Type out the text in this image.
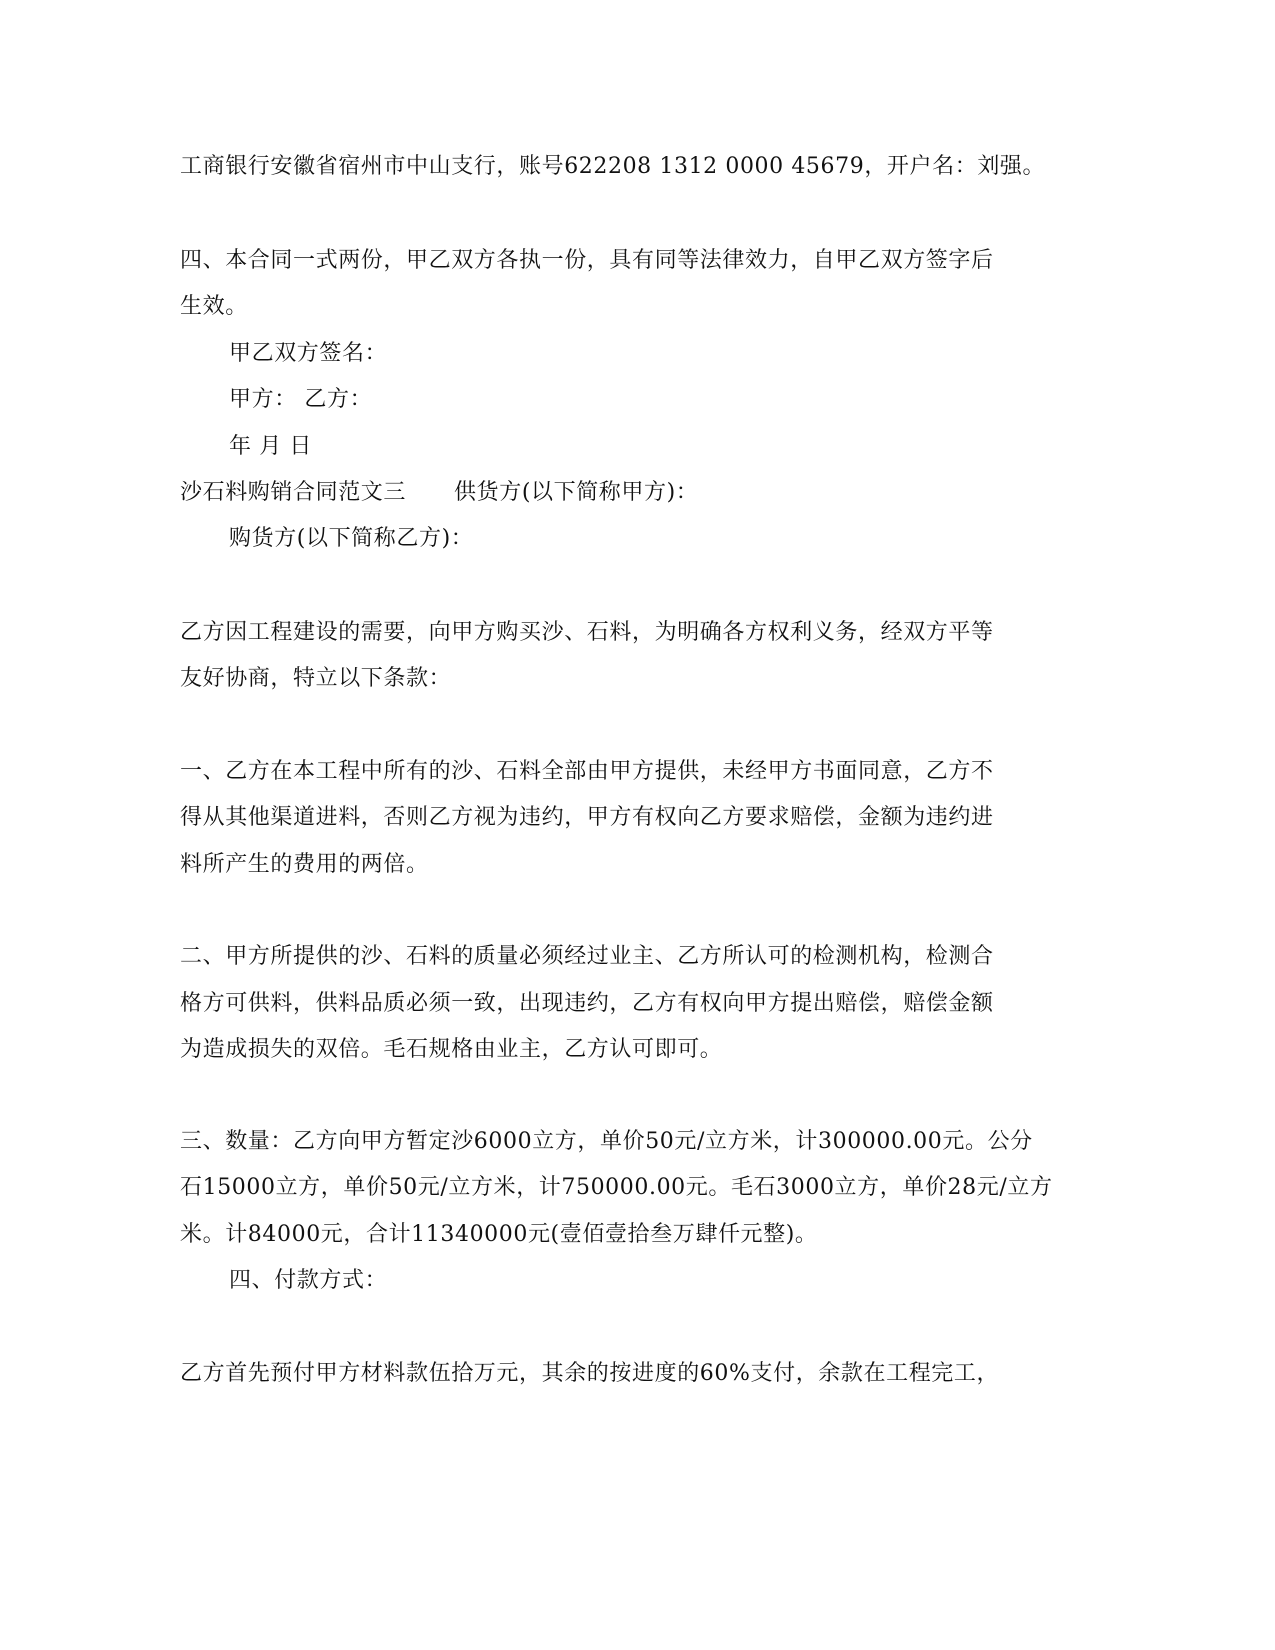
工商银行安徽省宿州市中山支行，账号622208 1312 0000 45679，开户名：刘强。
四、本合同一式两份，甲乙双方各执一份，具有同等法律效力，自甲乙双方签字后
生效。
甲乙双方签名：
甲方： 乙方：
年 月 日
沙石料购销合同范文三 供货方(以下简称甲方)：
购货方(以下简称乙方)：
乙方因工程建设的需要，向甲方购买沙、石料，为明确各方权利义务，经双方平等
友好协商，特立以下条款：
一、乙方在本工程中所有的沙、石料全部由甲方提供，未经甲方书面同意，乙方不
得从其他渠道进料，否则乙方视为违约，甲方有权向乙方要求赔偿，金额为违约进
料所产生的费用的两倍。
二、甲方所提供的沙、石料的质量必须经过业主、乙方所认可的检测机构，检测合
格方可供料，供料品质必须一致，出现违约，乙方有权向甲方提出赔偿，赔偿金额
为造成损失的双倍。毛石规格由业主，乙方认可即可。
三、数量：乙方向甲方暂定沙6000立方，单价50元/立方米，计300000.00元。公分
石15000立方，单价50元/立方米，计750000.00元。毛石3000立方，单价28元/立方
米。计84000元，合计11340000元(壹佰壹拾叁万肆仟元整)。
四、付款方式：
乙方首先预付甲方材料款伍拾万元，其余的按进度的60%支付，余款在工程完工，
